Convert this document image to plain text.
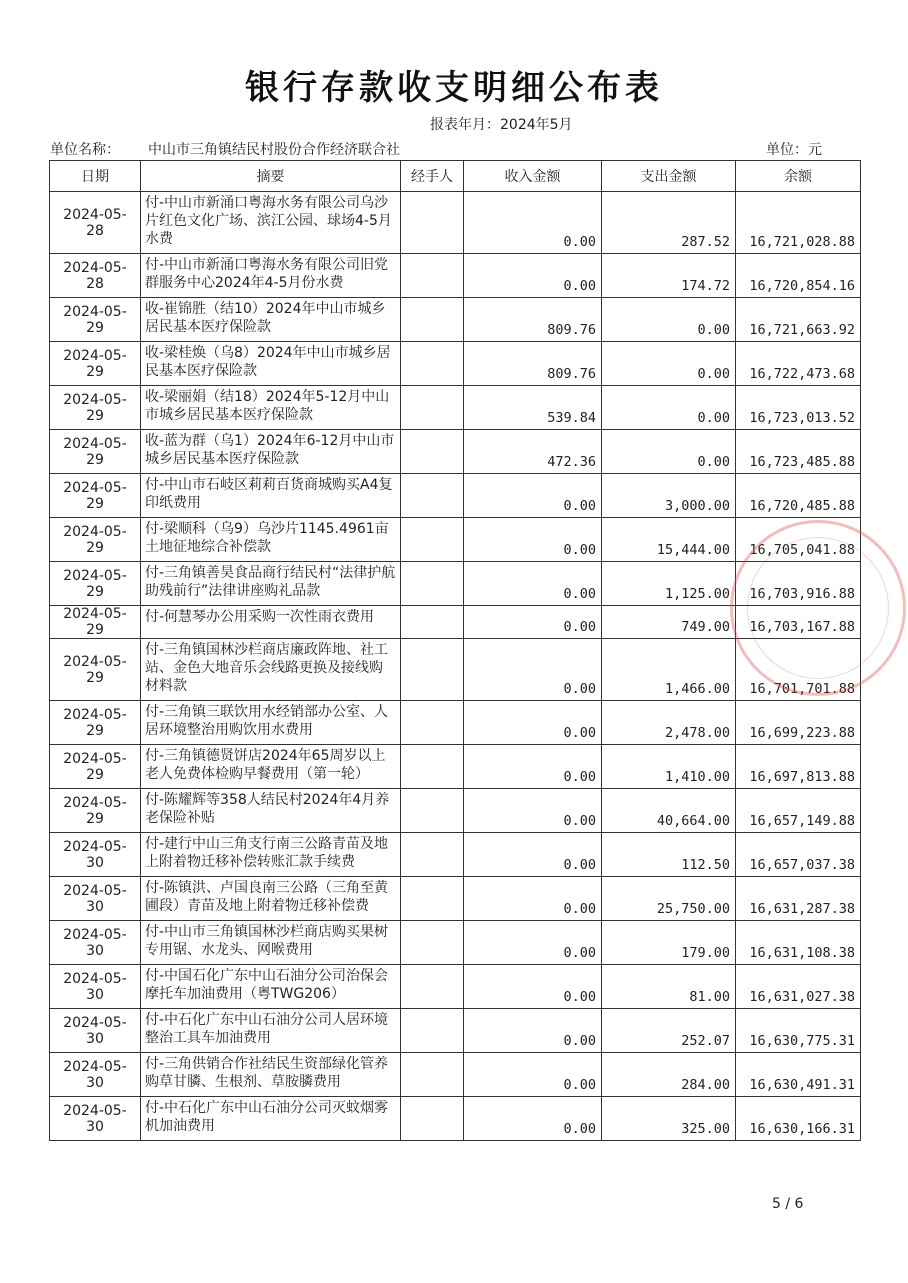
银行存款收支明细公布表
报表年月：2024年5月
单位名称： 中山市三角镇结民村股份合作经济联合社	单位：元
日期	摘要	经手人	收入金额	支出金额	余额
2024-05-28	付-中山市新涌口粤海水务有限公司乌沙片红色文化广场、滨江公园、球场4-5月水费		0.00	287.52	16,721,028.88
2024-05-28	付-中山市新涌口粤海水务有限公司旧党群服务中心2024年4-5月份水费		0.00	174.72	16,720,854.16
2024-05-29	收-崔锦胜（结10）2024年中山市城乡居民基本医疗保险款		809.76	0.00	16,721,663.92
2024-05-29	收-梁桂焕（乌8）2024年中山市城乡居民基本医疗保险款		809.76	0.00	16,722,473.68
2024-05-29	收-梁丽娟（结18）2024年5-12月中山市城乡居民基本医疗保险款		539.84	0.00	16,723,013.52
2024-05-29	收-蓝为群（乌1）2024年6-12月中山市城乡居民基本医疗保险款		472.36	0.00	16,723,485.88
2024-05-29	付-中山市石岐区莉莉百货商城购买A4复印纸费用		0.00	3,000.00	16,720,485.88
2024-05-29	付-梁顺科（乌9）乌沙片1145.4961亩土地征地综合补偿款		0.00	15,444.00	16,705,041.88
2024-05-29	付-三角镇善昊食品商行结民村“法律护航助残前行”法律讲座购礼品款		0.00	1,125.00	16,703,916.88
2024-05-29	付-何慧琴办公用采购一次性雨衣费用		0.00	749.00	16,703,167.88
2024-05-29	付-三角镇国林沙栏商店廉政阵地、社工站、金色大地音乐会线路更换及接线购材料款		0.00	1,466.00	16,701,701.88
2024-05-29	付-三角镇三联饮用水经销部办公室、人居环境整治用购饮用水费用		0.00	2,478.00	16,699,223.88
2024-05-29	付-三角镇德贤饼店2024年65周岁以上老人免费体检购早餐费用（第一轮）		0.00	1,410.00	16,697,813.88
2024-05-29	付-陈耀辉等358人结民村2024年4月养老保险补贴		0.00	40,664.00	16,657,149.88
2024-05-30	付-建行中山三角支行南三公路青苗及地上附着物迁移补偿转账汇款手续费		0.00	112.50	16,657,037.38
2024-05-30	付-陈镇洪、卢国良南三公路（三角至黄圃段）青苗及地上附着物迁移补偿费		0.00	25,750.00	16,631,287.38
2024-05-30	付-中山市三角镇国林沙栏商店购买果树专用锯、水龙头、网喉费用		0.00	179.00	16,631,108.38
2024-05-30	付-中国石化广东中山石油分公司治保会摩托车加油费用（粤TWG206）		0.00	81.00	16,631,027.38
2024-05-30	付-中石化广东中山石油分公司人居环境整治工具车加油费用		0.00	252.07	16,630,775.31
2024-05-30	付-三角供销合作社结民生资部绿化管养购草甘膦、生根剂、草胺膦费用		0.00	284.00	16,630,491.31
2024-05-30	付-中石化广东中山石油分公司灭蚊烟雾机加油费用		0.00	325.00	16,630,166.31
5 / 6
